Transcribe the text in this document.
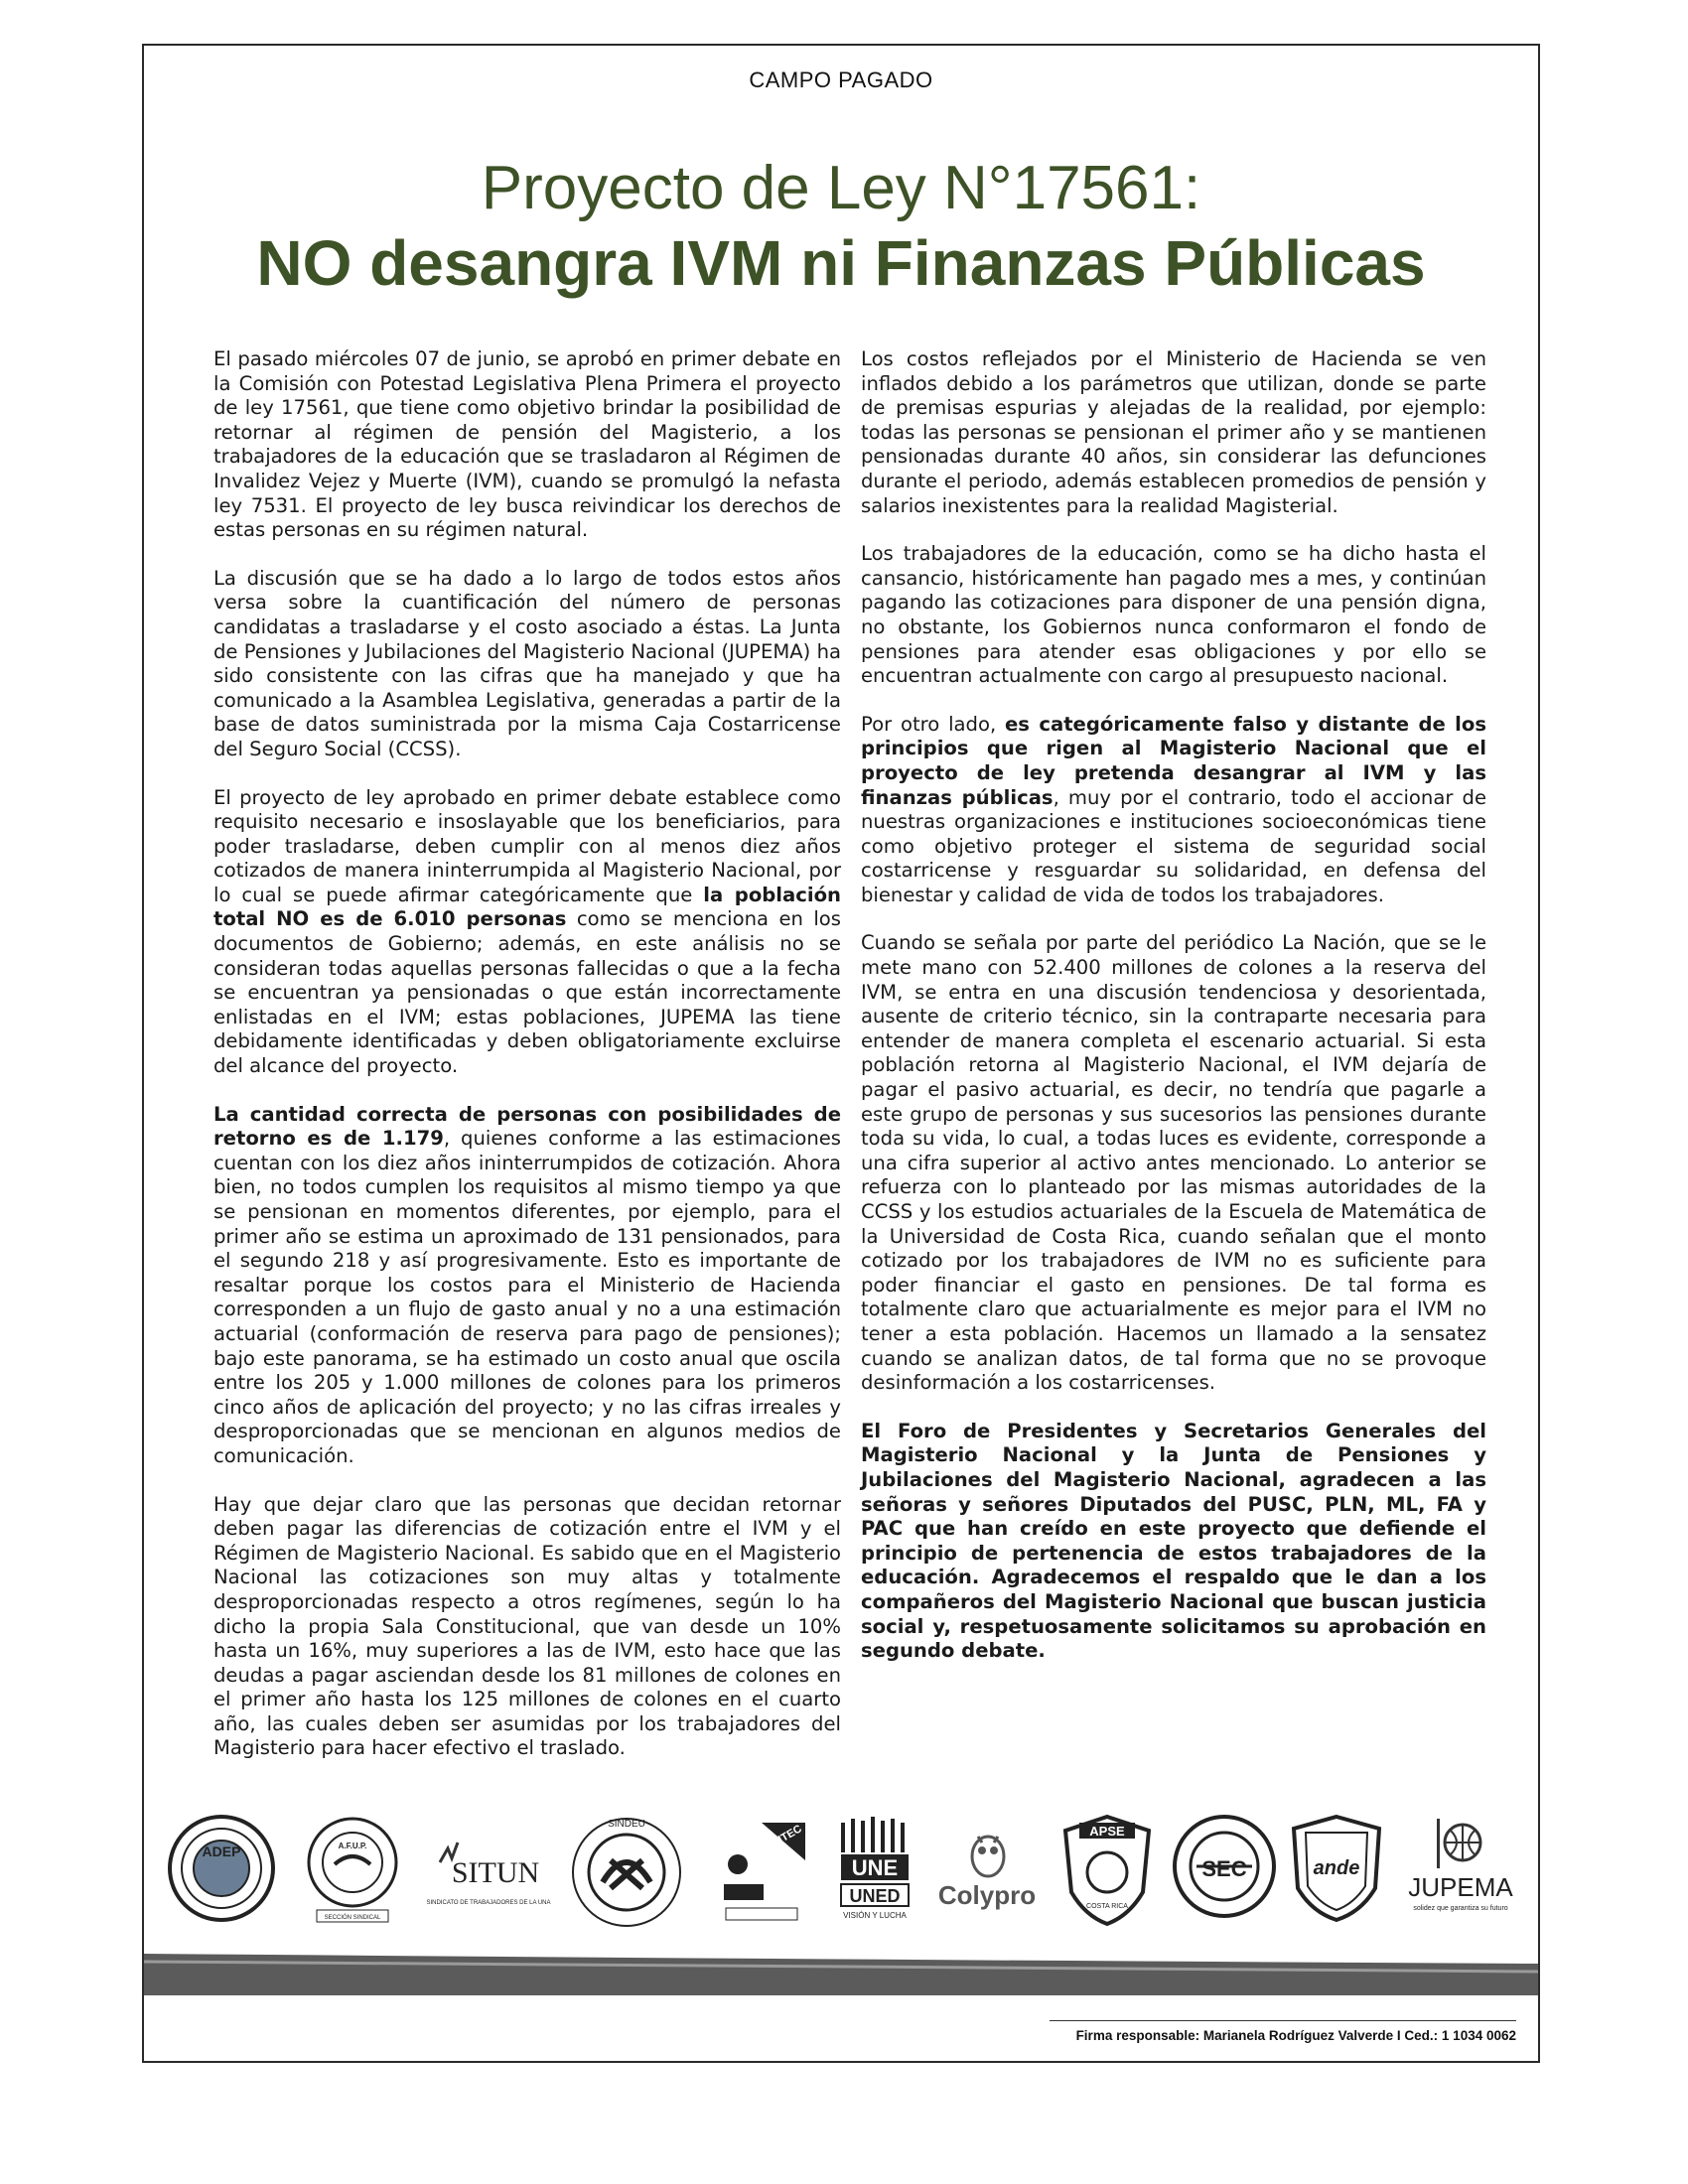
CAMPO PAGADO
Proyecto de Ley N°17561:
NO desangra IVM ni Finanzas Públicas

El pasado miércoles 07 de junio, se aprobó en primer debate en la Comisión con Potestad Legislativa Plena Primera el proyecto de ley 17561, que tiene como objetivo brindar la posibilidad de retornar al régimen de pensión del Magisterio, a los trabajadores de la educación que se trasladaron al Régimen de Invalidez Vejez y Muerte (IVM), cuando se promulgó la nefasta ley 7531. El proyecto de ley busca reivindicar los derechos de estas personas en su régimen natural.

La discusión que se ha dado a lo largo de todos estos años versa sobre la cuantificación del número de personas candidatas a trasladarse y el costo asociado a éstas. La Junta de Pensiones y Jubilaciones del Magisterio Nacional (JUPEMA) ha sido consistente con las cifras que ha manejado y que ha comunicado a la Asamblea Legislativa, generadas a partir de la base de datos suministrada por la misma Caja Costarricense del Seguro Social (CCSS).

El proyecto de ley aprobado en primer debate establece como requisito necesario e insoslayable que los beneficiarios, para poder trasladarse, deben cumplir con al menos diez años cotizados de manera ininterrumpida al Magisterio Nacional, por lo cual se puede afirmar categóricamente que la población total NO es de 6.010 personas como se menciona en los documentos de Gobierno; además, en este análisis no se consideran todas aquellas personas fallecidas o que a la fecha se encuentran ya pensionadas o que están incorrectamente enlistadas en el IVM; estas poblaciones, JUPEMA las tiene debidamente identificadas y deben obligatoriamente excluirse del alcance del proyecto.

La cantidad correcta de personas con posibilidades de retorno es de 1.179, quienes conforme a las estimaciones cuentan con los diez años ininterrumpidos de cotización. Ahora bien, no todos cumplen los requisitos al mismo tiempo ya que se pensionan en momentos diferentes, por ejemplo, para el primer año se estima un aproximado de 131 pensionados, para el segundo 218 y así progresivamente. Esto es importante de resaltar porque los costos para el Ministerio de Hacienda corresponden a un flujo de gasto anual y no a una estimación actuarial (conformación de reserva para pago de pensiones); bajo este panorama, se ha estimado un costo anual que oscila entre los 205 y 1.000 millones de colones para los primeros cinco años de aplicación del proyecto; y no las cifras irreales y desproporcionadas que se mencionan en algunos medios de comunicación.

Hay que dejar claro que las personas que decidan retornar deben pagar las diferencias de cotización entre el IVM y el Régimen de Magisterio Nacional. Es sabido que en el Magisterio Nacional las cotizaciones son muy altas y totalmente desproporcionadas respecto a otros regímenes, según lo ha dicho la propia Sala Constitucional, que van desde un 10% hasta un 16%, muy superiores a las de IVM, esto hace que las deudas a pagar asciendan desde los 81 millones de colones en el primer año hasta los 125 millones de colones en el cuarto año, las cuales deben ser asumidas por los trabajadores del Magisterio para hacer efectivo el traslado.

Los costos reflejados por el Ministerio de Hacienda se ven inflados debido a los parámetros que utilizan, donde se parte de premisas espurias y alejadas de la realidad, por ejemplo: todas las personas se pensionan el primer año y se mantienen pensionadas durante 40 años, sin considerar las defunciones durante el periodo, además establecen promedios de pensión y salarios inexistentes para la realidad Magisterial.

Los trabajadores de la educación, como se ha dicho hasta el cansancio, históricamente han pagado mes a mes, y continúan pagando las cotizaciones para disponer de una pensión digna, no obstante, los Gobiernos nunca conformaron el fondo de pensiones para atender esas obligaciones y por ello se encuentran actualmente con cargo al presupuesto nacional.

Por otro lado, es categóricamente falso y distante de los principios que rigen al Magisterio Nacional que el proyecto de ley pretenda desangrar al IVM y las finanzas públicas, muy por el contrario, todo el accionar de nuestras organizaciones e instituciones socioeconómicas tiene como objetivo proteger el sistema de seguridad social costarricense y resguardar su solidaridad, en defensa del bienestar y calidad de vida de todos los trabajadores.

Cuando se señala por parte del periódico La Nación, que se le mete mano con 52.400 millones de colones a la reserva del IVM, se entra en una discusión tendenciosa y desorientada, ausente de criterio técnico, sin la contraparte necesaria para entender de manera completa el escenario actuarial. Si esta población retorna al Magisterio Nacional, el IVM dejaría de pagar el pasivo actuarial, es decir, no tendría que pagarle a este grupo de personas y sus sucesorios las pensiones durante toda su vida, lo cual, a todas luces es evidente, corresponde a una cifra superior al activo antes mencionado. Lo anterior se refuerza con lo planteado por las mismas autoridades de la CCSS y los estudios actuariales de la Escuela de Matemática de la Universidad de Costa Rica, cuando señalan que el monto cotizado por los trabajadores de IVM no es suficiente para poder financiar el gasto en pensiones. De tal forma es totalmente claro que actuarialmente es mejor para el IVM no tener a esta población. Hacemos un llamado a la sensatez cuando se analizan datos, de tal forma que no se provoque desinformación a los costarricenses.

El Foro de Presidentes y Secretarios Generales del Magisterio Nacional y la Junta de Pensiones y Jubilaciones del Magisterio Nacional, agradecen a las señoras y señores Diputados del PUSC, PLN, ML, FA y PAC que han creído en este proyecto que defiende el principio de pertenencia de estos trabajadores de la educación. Agradecemos el respaldo que le dan a los compañeros del Magisterio Nacional que buscan justicia social y, respetuosamente solicitamos su aprobación en segundo debate.

ADEP	A.F.U.P.
SECCIÓN SINDICAL
SITUN
SINDICATO DE TRABAJADORES DE LA UNA
SINDEU	AFITEC
UNE
UNED
VISIÓN Y LUCHA
Colypro
APSE
COSTA RICA
SEC	ande
JUPEMA
solidez que garantiza su futuro
Firma responsable: Marianela Rodríguez Valverde I Ced.: 1 1034 0062
